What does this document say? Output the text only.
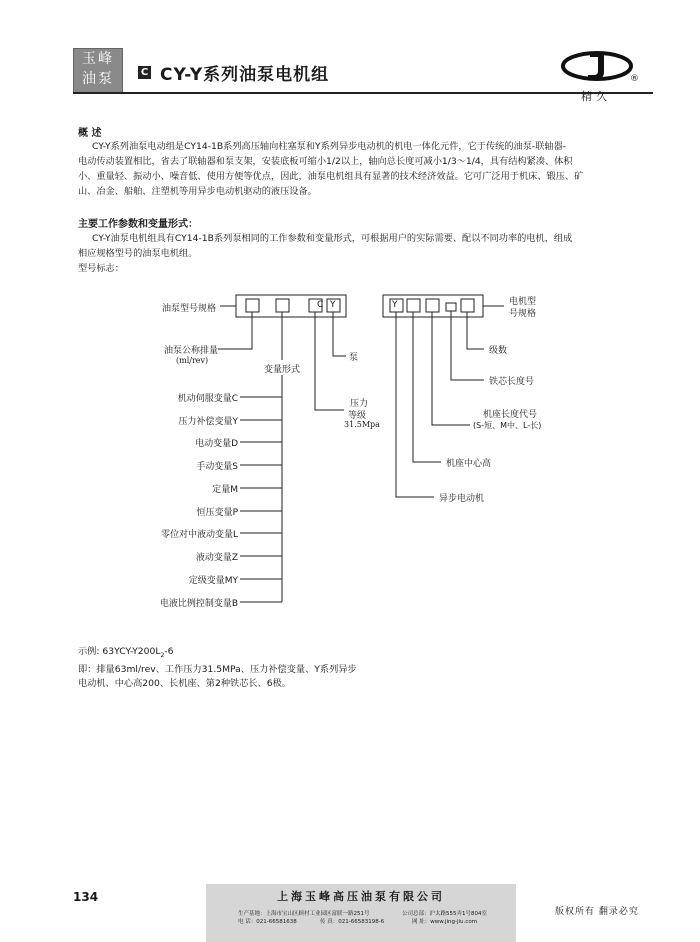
玉峰
油泵	C CY-Y系列油泵电机组	®
精久
概 述
CY-Y系列油泵电动组是CY14-1B系列高压轴向柱塞泵和Y系列异步电动机的机电一体化元件，它于传统的油泵-联轴器-
电动传动装置相比，省去了联轴器和泵支架，安装底板可缩小1/2以上，轴向总长度可减小1/3～1/4，具有结构紧凑、体积
小、重量轻、振动小、噪音低、使用方便等优点，因此，油泵电机组具有显著的技术经济效益。它可广泛用于机床、锻压、矿
山、冶金、船舶、注塑机等用异步电动机驱动的液压设备。
主要工作参数和变量形式：
CY-Y油泵电机组具有CY14-1B系列泵相同的工作参数和变量形式，可根据用户的实际需要、配以不同功率的电机，组成
相应规格型号的油泵电机组。
型号标志：
C Y	Y
油泵型号规格
电机型
号规格
油泵公称排量
(ml/rev)
变量形式
泵
压力
等级
31.5Mpa
级数
铁芯长度号
机座长度代号
(S-短、M中、L-长)
机座中心高
异步电动机
机动伺服变量C
压力补偿变量Y
电动变量D
手动变量S
定量M
恒压变量P
零位对中液动变量L
液动变量Z
定级变量MY
电液比例控制变量B
示例: $63YCY-Y200L_2-6$
即：排量63ml/rev、工作压力31.5MPa、压力补偿变量、Y系列异步
电动机、中心高200、长机座、第2种铁芯长、6极。
134	上海玉峰高压油泵有限公司
生产基地：上海市宝山区顾村工业园区富联一路251号	公司总部：沪太路555弄1号804室
电 话：021-66581638	传 真：021-66583198-6	网 址：www.jing-jiu.com
版权所有 翻录必究
